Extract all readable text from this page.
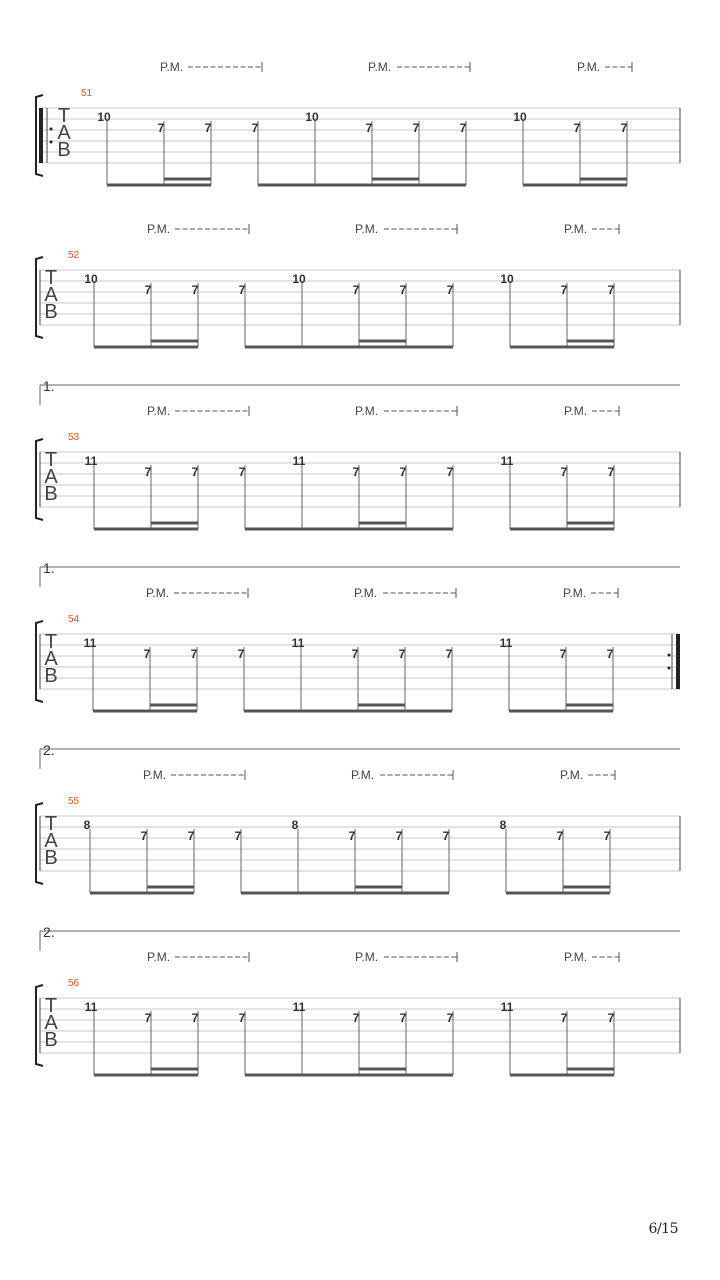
P.M.	P.M.	P.M.
51
T
A
B
10
7	7	7
10
7	7	7
10
7	7
P.M.	P.M.	P.M.
52
T
A
B
10
7	7	7
10
7	7	7
10
7	7
1.
P.M.	P.M.	P.M.
53
T
A
B
11
7	7	7
11
7	7	7
11
7	7
1.
P.M.	P.M.	P.M.
54
T
A
B
11
7	7	7
11
7	7	7
11
7	7
2.
P.M.	P.M.	P.M.
55
T
A
B
8
7	7	7
8
7	7	7
8
7	7
2.
P.M.	P.M.	P.M.
56
T
A
B
11
7	7	7
11
7	7	7
11
7	7
6/15
